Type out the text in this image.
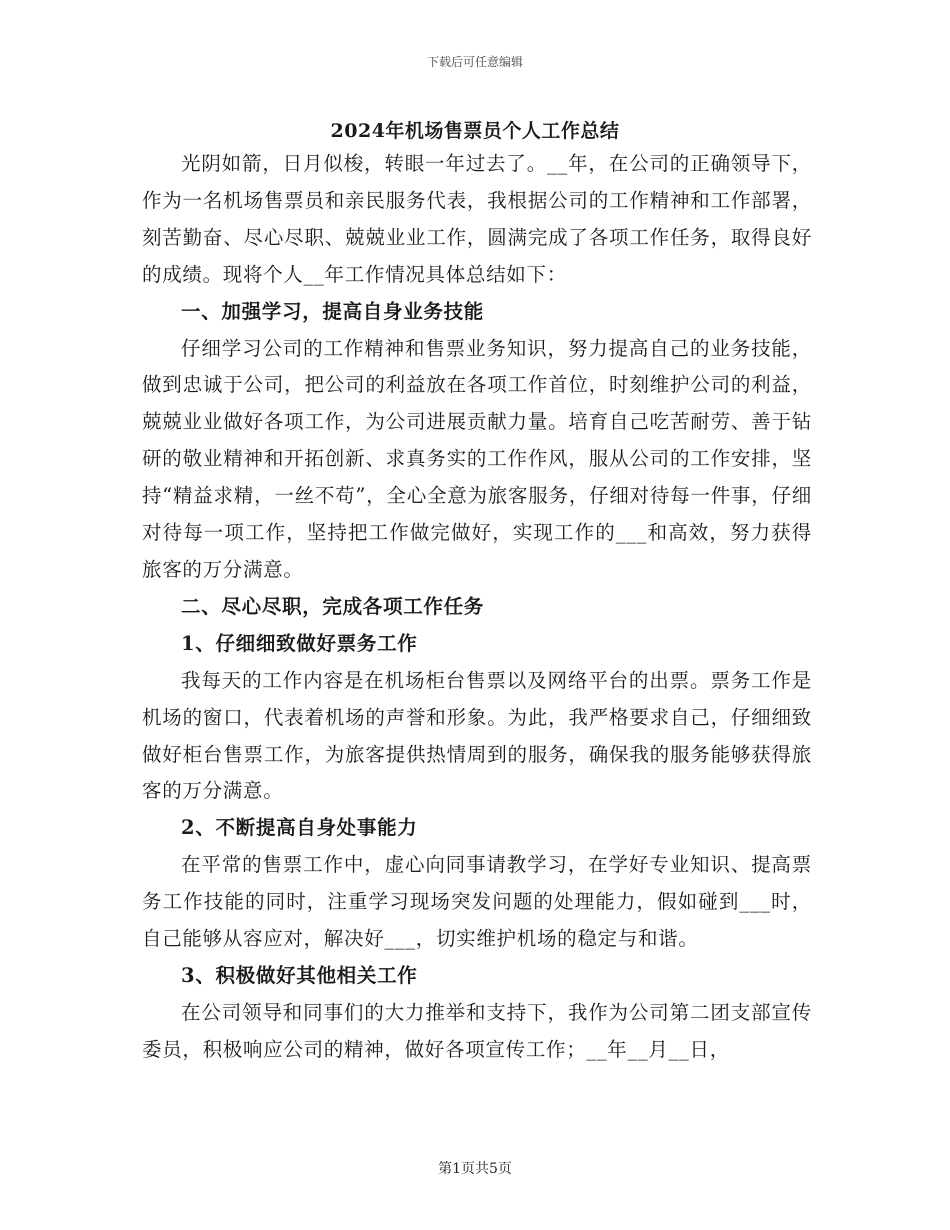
下载后可任意编辑
2024年机场售票员个人工作总结

光阴如箭，日月似梭，转眼一年过去了。__年，在公司的正确领导下，作为一名机场售票员和亲民服务代表，我根据公司的工作精神和工作部署，刻苦勤奋、尽心尽职、兢兢业业工作，圆满完成了各项工作任务，取得良好的成绩。现将个人__年工作情况具体总结如下：

一、加强学习，提高自身业务技能

仔细学习公司的工作精神和售票业务知识，努力提高自己的业务技能，做到忠诚于公司，把公司的利益放在各项工作首位，时刻维护公司的利益，兢兢业业做好各项工作，为公司进展贡献力量。培育自己吃苦耐劳、善于钻研的敬业精神和开拓创新、求真务实的工作作风，服从公司的工作安排，坚持“精益求精，一丝不苟”，全心全意为旅客服务，仔细对待每一件事，仔细对待每一项工作，坚持把工作做完做好，实现工作的___和高效，努力获得旅客的万分满意。

二、尽心尽职，完成各项工作任务

1、仔细细致做好票务工作

我每天的工作内容是在机场柜台售票以及网络平台的出票。票务工作是机场的窗口，代表着机场的声誉和形象。为此，我严格要求自己，仔细细致做好柜台售票工作，为旅客提供热情周到的服务，确保我的服务能够获得旅客的万分满意。

2、不断提高自身处事能力

在平常的售票工作中，虚心向同事请教学习，在学好专业知识、提高票务工作技能的同时，注重学习现场突发问题的处理能力，假如碰到___时，自己能够从容应对，解决好___，切实维护机场的稳定与和谐。

3、积极做好其他相关工作

在公司领导和同事们的大力推举和支持下，我作为公司第二团支部宣传委员，积极响应公司的精神，做好各项宣传工作；__年__月__日，

第1页共5页
